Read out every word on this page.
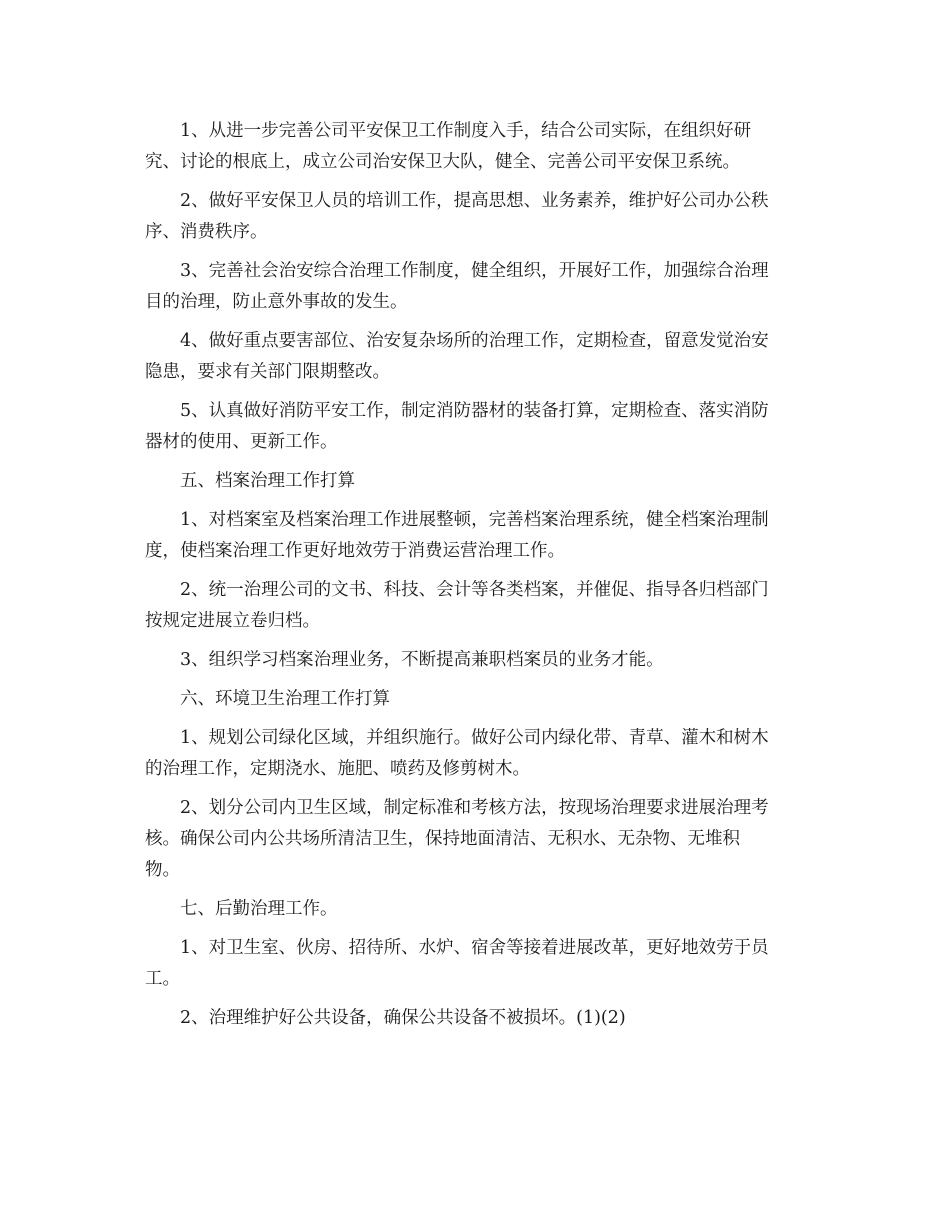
1、从进一步完善公司平安保卫工作制度入手，结合公司实际，在组织好研
究、讨论的根底上，成立公司治安保卫大队，健全、完善公司平安保卫系统。
2、做好平安保卫人员的培训工作，提高思想、业务素养，维护好公司办公秩
序、消费秩序。
3、完善社会治安综合治理工作制度，健全组织，开展好工作，加强综合治理
目的治理，防止意外事故的发生。
4、做好重点要害部位、治安复杂场所的治理工作，定期检查，留意发觉治安
隐患，要求有关部门限期整改。
5、认真做好消防平安工作，制定消防器材的装备打算，定期检查、落实消防
器材的使用、更新工作。
五、档案治理工作打算
1、对档案室及档案治理工作进展整顿，完善档案治理系统，健全档案治理制
度，使档案治理工作更好地效劳于消费运营治理工作。
2、统一治理公司的文书、科技、会计等各类档案，并催促、指导各归档部门
按规定进展立卷归档。
3、组织学习档案治理业务，不断提高兼职档案员的业务才能。
六、环境卫生治理工作打算
1、规划公司绿化区域，并组织施行。做好公司内绿化带、青草、灌木和树木
的治理工作，定期浇水、施肥、喷药及修剪树木。
2、划分公司内卫生区域，制定标准和考核方法，按现场治理要求进展治理考
核。确保公司内公共场所清洁卫生，保持地面清洁、无积水、无杂物、无堆积
物。
七、后勤治理工作。
1、对卫生室、伙房、招待所、水炉、宿舍等接着进展改革，更好地效劳于员
工。
2、治理维护好公共设备，确保公共设备不被损坏。(1)(2)
